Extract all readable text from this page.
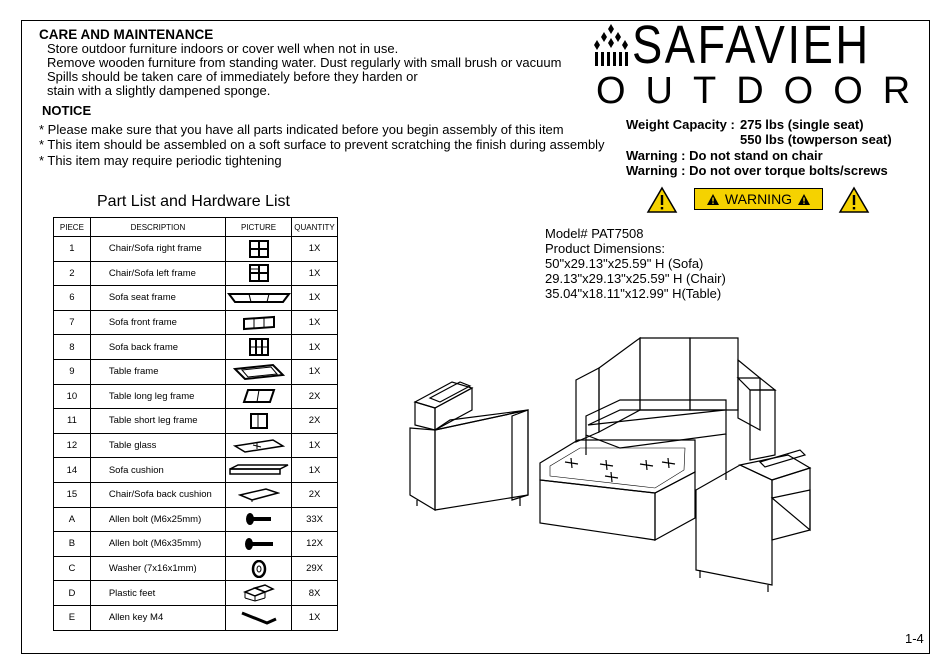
CARE AND MAINTENANCE
Store outdoor furniture indoors or cover well when not in use.
Remove wooden furniture from standing water. Dust regularly with small brush or vacuum
Spills should be taken care of immediately before they harden or
stain with a slightly dampened sponge.
NOTICE
* Please make sure that you have all parts indicated before you begin assembly of this item
* This item should be assembled on a soft surface to prevent scratching the finish during assembly
* This item may require periodic tightening
SAFAVIEH
OUTDOOR
Weight Capacity : 275 lbs (single seat)
550 lbs (towperson seat)
Warning : Do not stand on chair
Warning : Do not over torque bolts/screws
WARNING
Model# PAT7508
Product Dimensions:
50"x29.13"x25.59" H (Sofa)
29.13"x29.13"x25.59" H (Chair)
35.04"x18.11"x12.99" H(Table)
Part List and Hardware List
PIECE	DESCRIPTION	PICTURE	QUANTITY
1	Chair/Sofa right frame		1X
2	Chair/Sofa left frame		1X
6	Sofa seat frame		1X
7	Sofa front frame		1X
8	Sofa back frame		1X
9	Table frame		1X
10	Table long leg frame		2X
11	Table short leg frame		2X
12	Table glass		1X
14	Sofa cushion		1X
15	Chair/Sofa back cushion		2X
A	Allen bolt (M6x25mm)		33X
B	Allen bolt (M6x35mm)		12X
C	Washer (7x16x1mm)		29X
D	Plastic feet		8X
E	Allen key M4		1X
1-4
